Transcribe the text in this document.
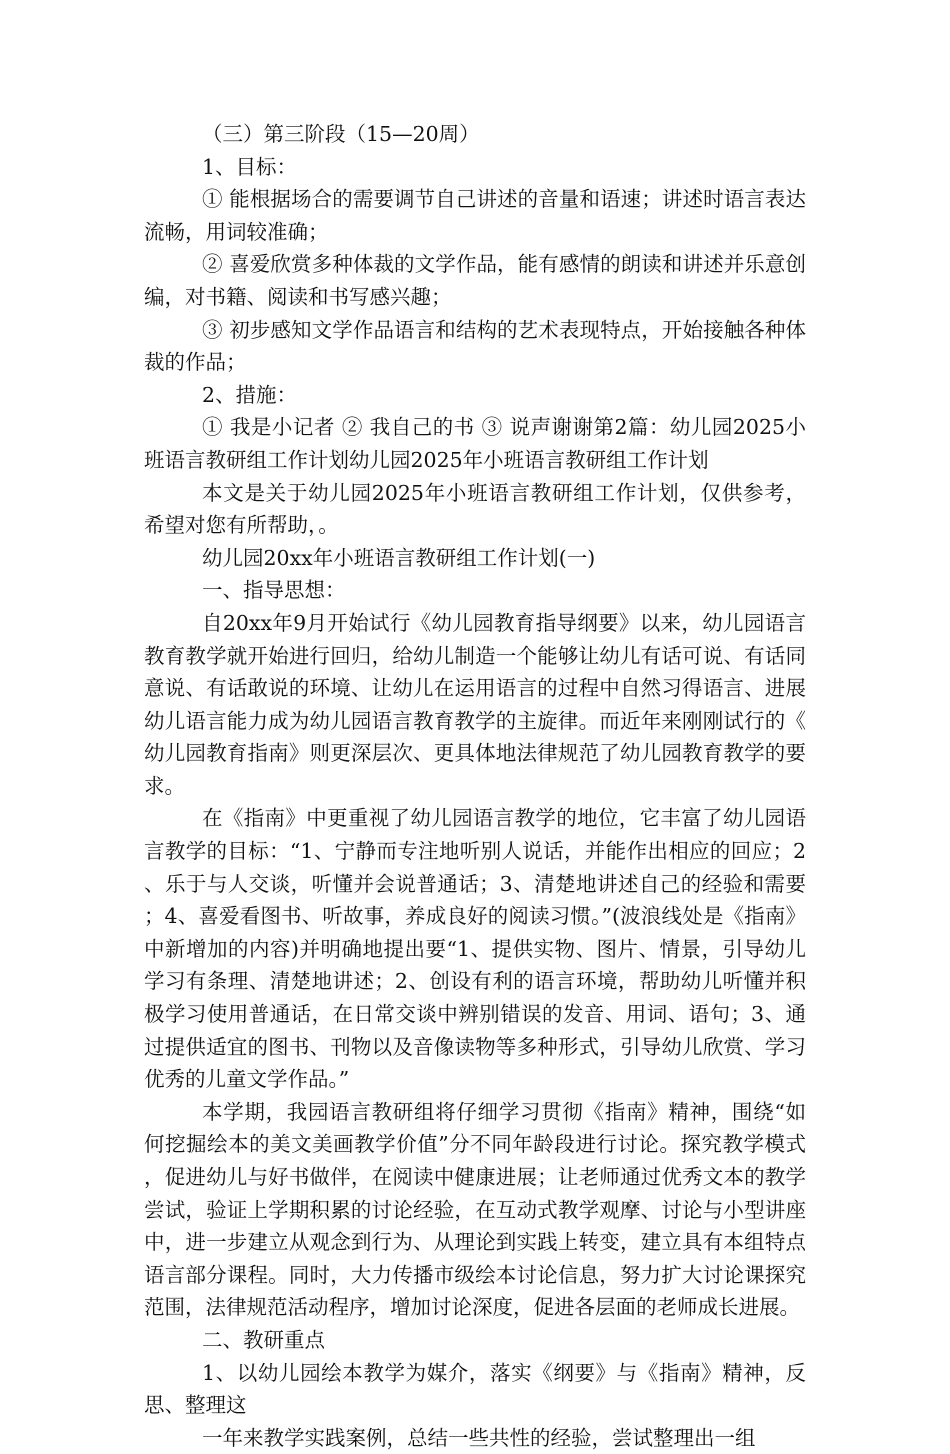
（三）第三阶段（15—20周）

1、目标：

① 能根据场合的需要调节自己讲述的音量和语速；讲述时语言表达流畅，用词较准确；

② 喜爱欣赏多种体裁的文学作品，能有感情的朗读和讲述并乐意创编，对书籍、阅读和书写感兴趣；

③ 初步感知文学作品语言和结构的艺术表现特点，开始接触各种体裁的作品；

2、措施：

① 我是小记者 ② 我自己的书 ③ 说声谢谢第2篇：幼儿园2025小班语言教研组工作计划幼儿园2025年小班语言教研组工作计划

本文是关于幼儿园2025年小班语言教研组工作计划，仅供参考，希望对您有所帮助，。

幼儿园20xx年小班语言教研组工作计划(一)

一、指导思想：

自20xx年9月开始试行《幼儿园教育指导纲要》以来，幼儿园语言教育教学就开始进行回归，给幼儿制造一个能够让幼儿有话可说、有话同意说、有话敢说的环境、让幼儿在运用语言的过程中自然习得语言、进展幼儿语言能力成为幼儿园语言教育教学的主旋律。而近年来刚刚试行的《幼儿园教育指南》则更深层次、更具体地法律规范了幼儿园教育教学的要求。

在《指南》中更重视了幼儿园语言教学的地位，它丰富了幼儿园语言教学的目标：“1、宁静而专注地听别人说话，并能作出相应的回应；2、乐于与人交谈，听懂并会说普通话；3、清楚地讲述自己的经验和需要；4、喜爱看图书、听故事，养成良好的阅读习惯。”(波浪线处是《指南》中新增加的内容)并明确地提出要“1、提供实物、图片、情景，引导幼儿学习有条理、清楚地讲述；2、创设有利的语言环境，帮助幼儿听懂并积极学习使用普通话，在日常交谈中辨别错误的发音、用词、语句；3、通过提供适宜的图书、刊物以及音像读物等多种形式，引导幼儿欣赏、学习优秀的儿童文学作品。”

本学期，我园语言教研组将仔细学习贯彻《指南》精神，围绕“如何挖掘绘本的美文美画教学价值”分不同年龄段进行讨论。探究教学模式，促进幼儿与好书做伴，在阅读中健康进展；让老师通过优秀文本的教学尝试，验证上学期积累的讨论经验，在互动式教学观摩、讨论与小型讲座中，进一步建立从观念到行为、从理论到实践上转变，建立具有本组特点语言部分课程。同时，大力传播市级绘本讨论信息，努力扩大讨论课探究范围，法律规范活动程序，增加讨论深度，促进各层面的老师成长进展。

二、教研重点

1、以幼儿园绘本教学为媒介，落实《纲要》与《指南》精神，反思、整理这

一年来教学实践案例，总结一些共性的经验，尝试整理出一组
